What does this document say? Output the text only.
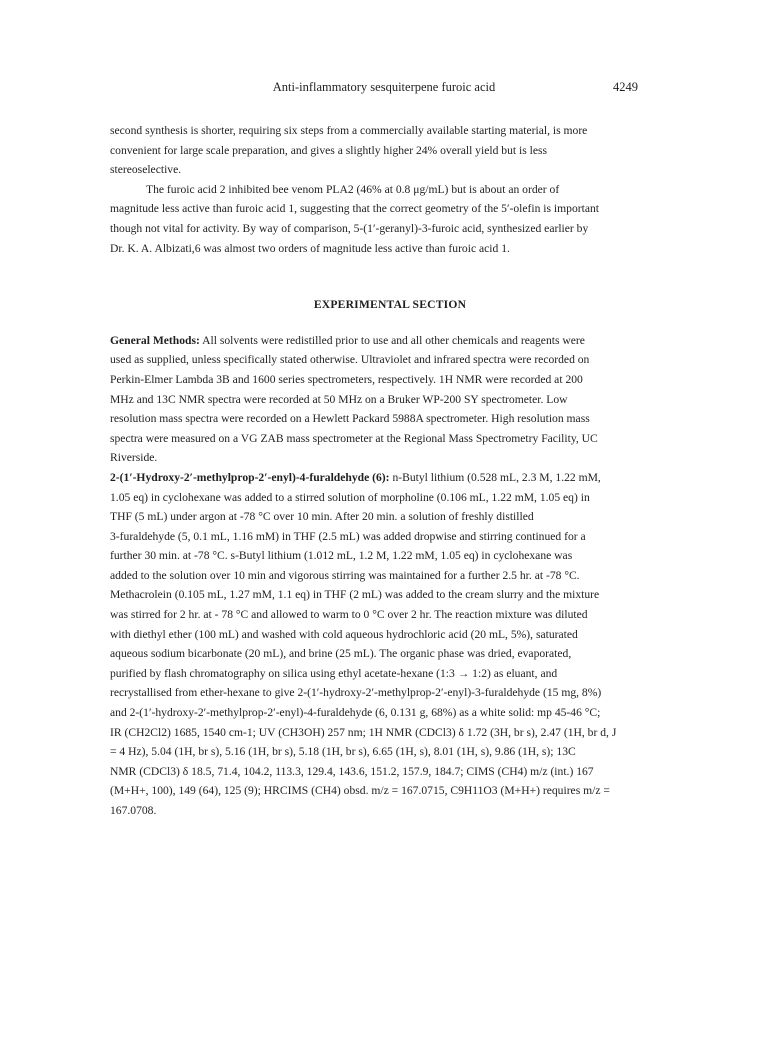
Anti-inflammatory sesquiterpene furoic acid	4249
second synthesis is shorter, requiring six steps from a commercially available starting material, is more
convenient for large scale preparation, and gives a slightly higher 24% overall yield but is less
stereoselective.
The furoic acid 2 inhibited bee venom PLA2 (46% at 0.8 μg/mL) but is about an order of
magnitude less active than furoic acid 1, suggesting that the correct geometry of the 5′-olefin is important
though not vital for activity. By way of comparison, 5-(1′-geranyl)-3-furoic acid, synthesized earlier by
Dr. K. A. Albizati,6 was almost two orders of magnitude less active than furoic acid 1.
EXPERIMENTAL SECTION
General Methods: All solvents were redistilled prior to use and all other chemicals and reagents were
used as supplied, unless specifically stated otherwise. Ultraviolet and infrared spectra were recorded on
Perkin-Elmer Lambda 3B and 1600 series spectrometers, respectively. 1H NMR were recorded at 200
MHz and 13C NMR spectra were recorded at 50 MHz on a Bruker WP-200 SY spectrometer. Low
resolution mass spectra were recorded on a Hewlett Packard 5988A spectrometer. High resolution mass
spectra were measured on a VG ZAB mass spectrometer at the Regional Mass Spectrometry Facility, UC
Riverside.
2-(1′-Hydroxy-2′-methylprop-2′-enyl)-4-furaldehyde (6): n-Butyl lithium (0.528 mL, 2.3 M, 1.22 mM,
1.05 eq) in cyclohexane was added to a stirred solution of morpholine (0.106 mL, 1.22 mM, 1.05 eq) in
THF (5 mL) under argon at -78 °C over 10 min. After 20 min. a solution of freshly distilled
3-furaldehyde (5, 0.1 mL, 1.16 mM) in THF (2.5 mL) was added dropwise and stirring continued for a
further 30 min. at -78 °C. s-Butyl lithium (1.012 mL, 1.2 M, 1.22 mM, 1.05 eq) in cyclohexane was
added to the solution over 10 min and vigorous stirring was maintained for a further 2.5 hr. at -78 °C.
Methacrolein (0.105 mL, 1.27 mM, 1.1 eq) in THF (2 mL) was added to the cream slurry and the mixture
was stirred for 2 hr. at - 78 °C and allowed to warm to 0 °C over 2 hr. The reaction mixture was diluted
with diethyl ether (100 mL) and washed with cold aqueous hydrochloric acid (20 mL, 5%), saturated
aqueous sodium bicarbonate (20 mL), and brine (25 mL). The organic phase was dried, evaporated,
purified by flash chromatography on silica using ethyl acetate-hexane (1:3 → 1:2) as eluant, and
recrystallised from ether-hexane to give 2-(1′-hydroxy-2′-methylprop-2′-enyl)-3-furaldehyde (15 mg, 8%)
and 2-(1′-hydroxy-2′-methylprop-2′-enyl)-4-furaldehyde (6, 0.131 g, 68%) as a white solid: mp 45-46 °C;
IR (CH2Cl2) 1685, 1540 cm-1; UV (CH3OH) 257 nm; 1H NMR (CDCl3) δ 1.72 (3H, br s), 2.47 (1H, br d, J
= 4 Hz), 5.04 (1H, br s), 5.16 (1H, br s), 5.18 (1H, br s), 6.65 (1H, s), 8.01 (1H, s), 9.86 (1H, s); 13C
NMR (CDCl3) δ 18.5, 71.4, 104.2, 113.3, 129.4, 143.6, 151.2, 157.9, 184.7; CIMS (CH4) m/z (int.) 167
(M+H+, 100), 149 (64), 125 (9); HRCIMS (CH4) obsd. m/z = 167.0715, C9H11O3 (M+H+) requires m/z =
167.0708.
